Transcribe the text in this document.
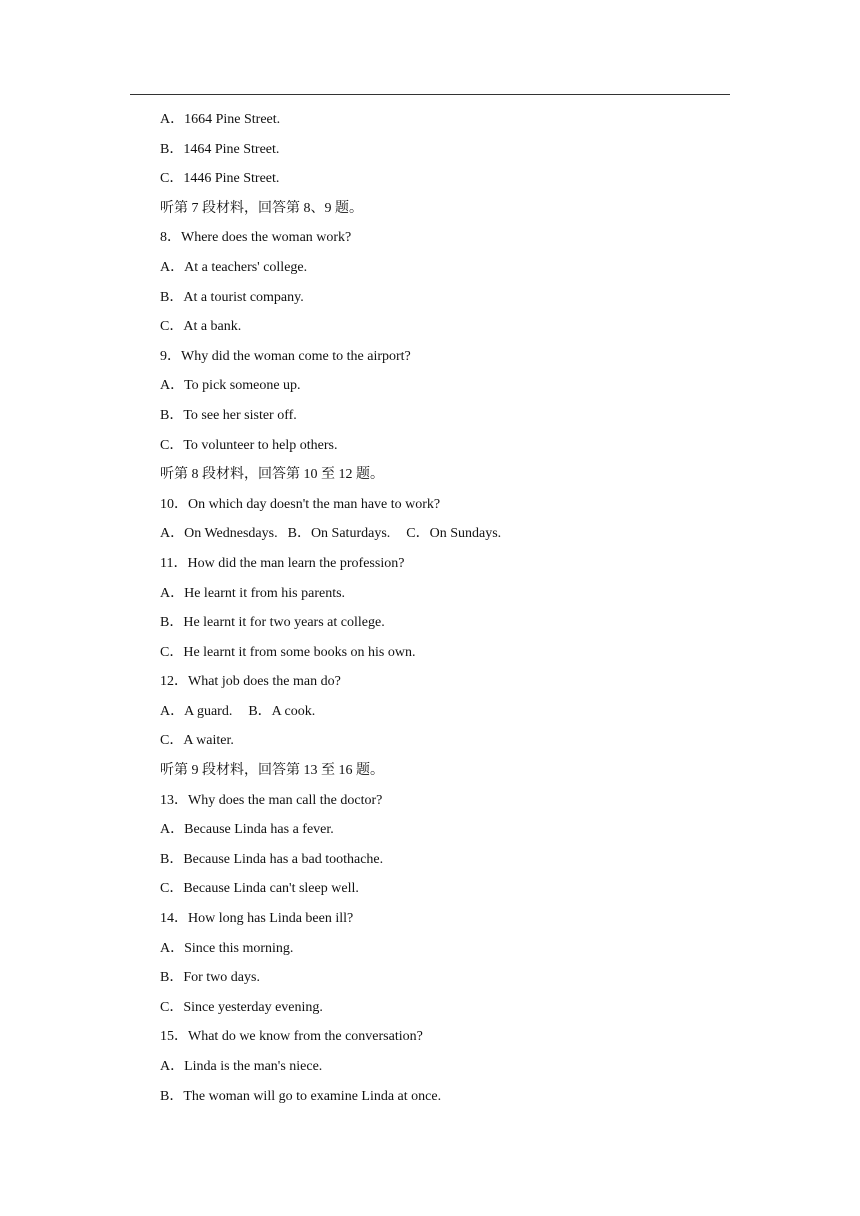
A．1664 Pine Street.
B．1464 Pine Street.
C．1446 Pine Street.
听第 7 段材料，回答第 8、9 题。
8．Where does the woman work?
A．At a teachers' college.
B．At a tourist company.
C．At a bank.
9．Why did the woman come to the airport?
A．To pick someone up.
B．To see her sister off.
C．To volunteer to help others.
听第 8 段材料，回答第 10 至 12 题。
10．On which day doesn't the man have to work?
A．On Wednesdays. B．On Saturdays. C．On Sundays.
11．How did the man learn the profession?
A．He learnt it from his parents.
B．He learnt it for two years at college.
C．He learnt it from some books on his own.
12．What job does the man do?
A．A guard. B．A cook.
C．A waiter.
听第 9 段材料，回答第 13 至 16 题。
13．Why does the man call the doctor?
A．Because Linda has a fever.
B．Because Linda has a bad toothache.
C．Because Linda can't sleep well.
14．How long has Linda been ill?
A．Since this morning.
B．For two days.
C．Since yesterday evening.
15．What do we know from the conversation?
A．Linda is the man's niece.
B．The woman will go to examine Linda at once.
